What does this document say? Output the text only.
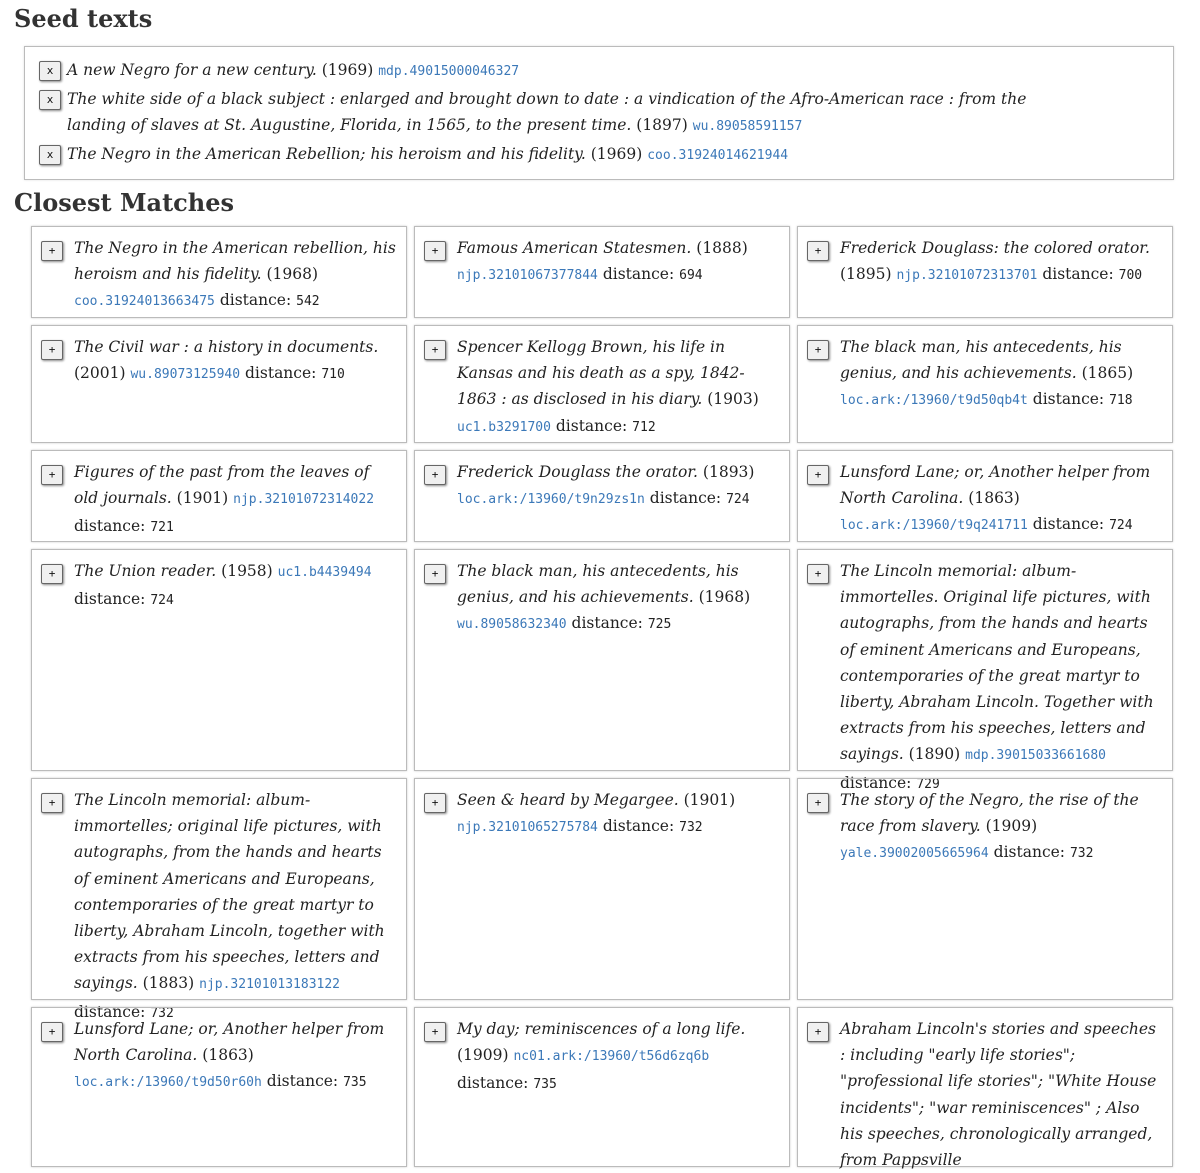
Seed texts
x A new Negro for a new century. (1969) mdp.49015000046327
x The white side of a black subject : enlarged and brought down to date : a vindication of the Afro-American race : from the landing of slaves at St. Augustine, Florida, in 1565, to the present time. (1897) wu.89058591157
x The Negro in the American Rebellion; his heroism and his fidelity. (1969) coo.31924014621944
Closest Matches
+	The Negro in the American rebellion, his heroism and his fidelity. (1968) coo.31924013663475 distance: 542
+	Famous American Statesmen. (1888) njp.32101067377844 distance: 694
+	Frederick Douglass: the colored orator. (1895) njp.32101072313701 distance: 700
+	The Civil war : a history in documents. (2001) wu.89073125940 distance: 710
+	Spencer Kellogg Brown, his life in Kansas and his death as a spy, 1842-1863 : as disclosed in his diary. (1903) uc1.b3291700 distance: 712
+	The black man, his antecedents, his genius, and his achievements. (1865) loc.ark:/13960/t9d50qb4t distance: 718
+	Figures of the past from the leaves of old journals. (1901) njp.32101072314022 distance: 721
+	Frederick Douglass the orator. (1893) loc.ark:/13960/t9n29zs1n distance: 724
+	Lunsford Lane; or, Another helper from North Carolina. (1863) loc.ark:/13960/t9q241711 distance: 724
+	The Union reader. (1958) uc1.b4439494 distance: 724
+	The black man, his antecedents, his genius, and his achievements. (1968) wu.89058632340 distance: 725
+	The Lincoln memorial: album-immortelles. Original life pictures, with autographs, from the hands and hearts of eminent Americans and Europeans, contemporaries of the great martyr to liberty, Abraham Lincoln. Together with extracts from his speeches, letters and sayings. (1890) mdp.39015033661680 distance: 729
+	The Lincoln memorial: album-immortelles; original life pictures, with autographs, from the hands and hearts of eminent Americans and Europeans, contemporaries of the great martyr to liberty, Abraham Lincoln, together with extracts from his speeches, letters and sayings. (1883) njp.32101013183122 distance: 732
+	Seen & heard by Megargee. (1901) njp.32101065275784 distance: 732
+	The story of the Negro, the rise of the race from slavery. (1909) yale.39002005665964 distance: 732
+	Lunsford Lane; or, Another helper from North Carolina. (1863) loc.ark:/13960/t9d50r60h distance: 735
+	My day; reminiscences of a long life. (1909) nc01.ark:/13960/t56d6zq6b distance: 735
+	Abraham Lincoln's stories and speeches : including "early life stories"; "professional life stories"; "White House incidents"; "war reminiscences" ; Also his speeches, chronologically arranged, from Pappsville
